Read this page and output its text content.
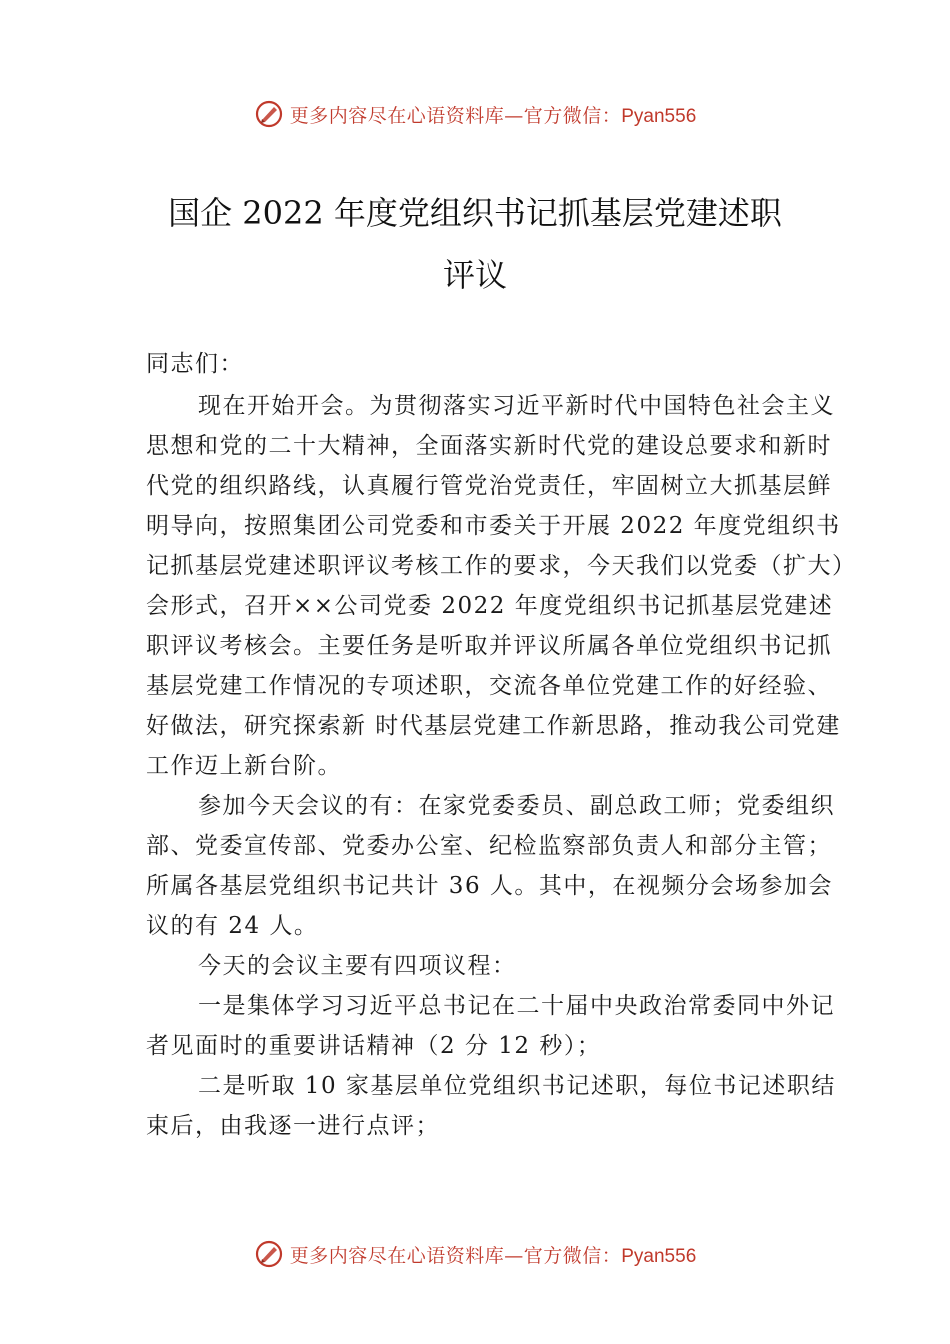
更多内容尽在心语资料库—官方微信：Pyan556
国企 2022 年度党组织书记抓基层党建述职
评议

同志们：

现在开始开会。为贯彻落实习近平新时代中国特色社会主义思想和党的二十大精神，全面落实新时代党的建设总要求和新时代党的组织路线，认真履行管党治党责任，牢固树立大抓基层鲜明导向，按照集团公司党委和市委关于开展 2022 年度党组织书记抓基层党建述职评议考核工作的要求，今天我们以党委（扩大）会形式，召开××公司党委 2022 年度党组织书记抓基层党建述职评议考核会。主要任务是听取并评议所属各单位党组织书记抓基层党建工作情况的专项述职，交流各单位党建工作的好经验、好做法，研究探索新 时代基层党建工作新思路，推动我公司党建工作迈上新台阶。

参加今天会议的有：在家党委委员、副总政工师；党委组织部、党委宣传部、党委办公室、纪检监察部负责人和部分主管；所属各基层党组织书记共计 36 人。其中，在视频分会场参加会议的有 24 人。

今天的会议主要有四项议程：

一是集体学习习近平总书记在二十届中央政治常委同中外记者见面时的重要讲话精神（2 分 12 秒）；

二是听取 10 家基层单位党组织书记述职，每位书记述职结束后，由我逐一进行点评；

更多内容尽在心语资料库—官方微信：Pyan556
